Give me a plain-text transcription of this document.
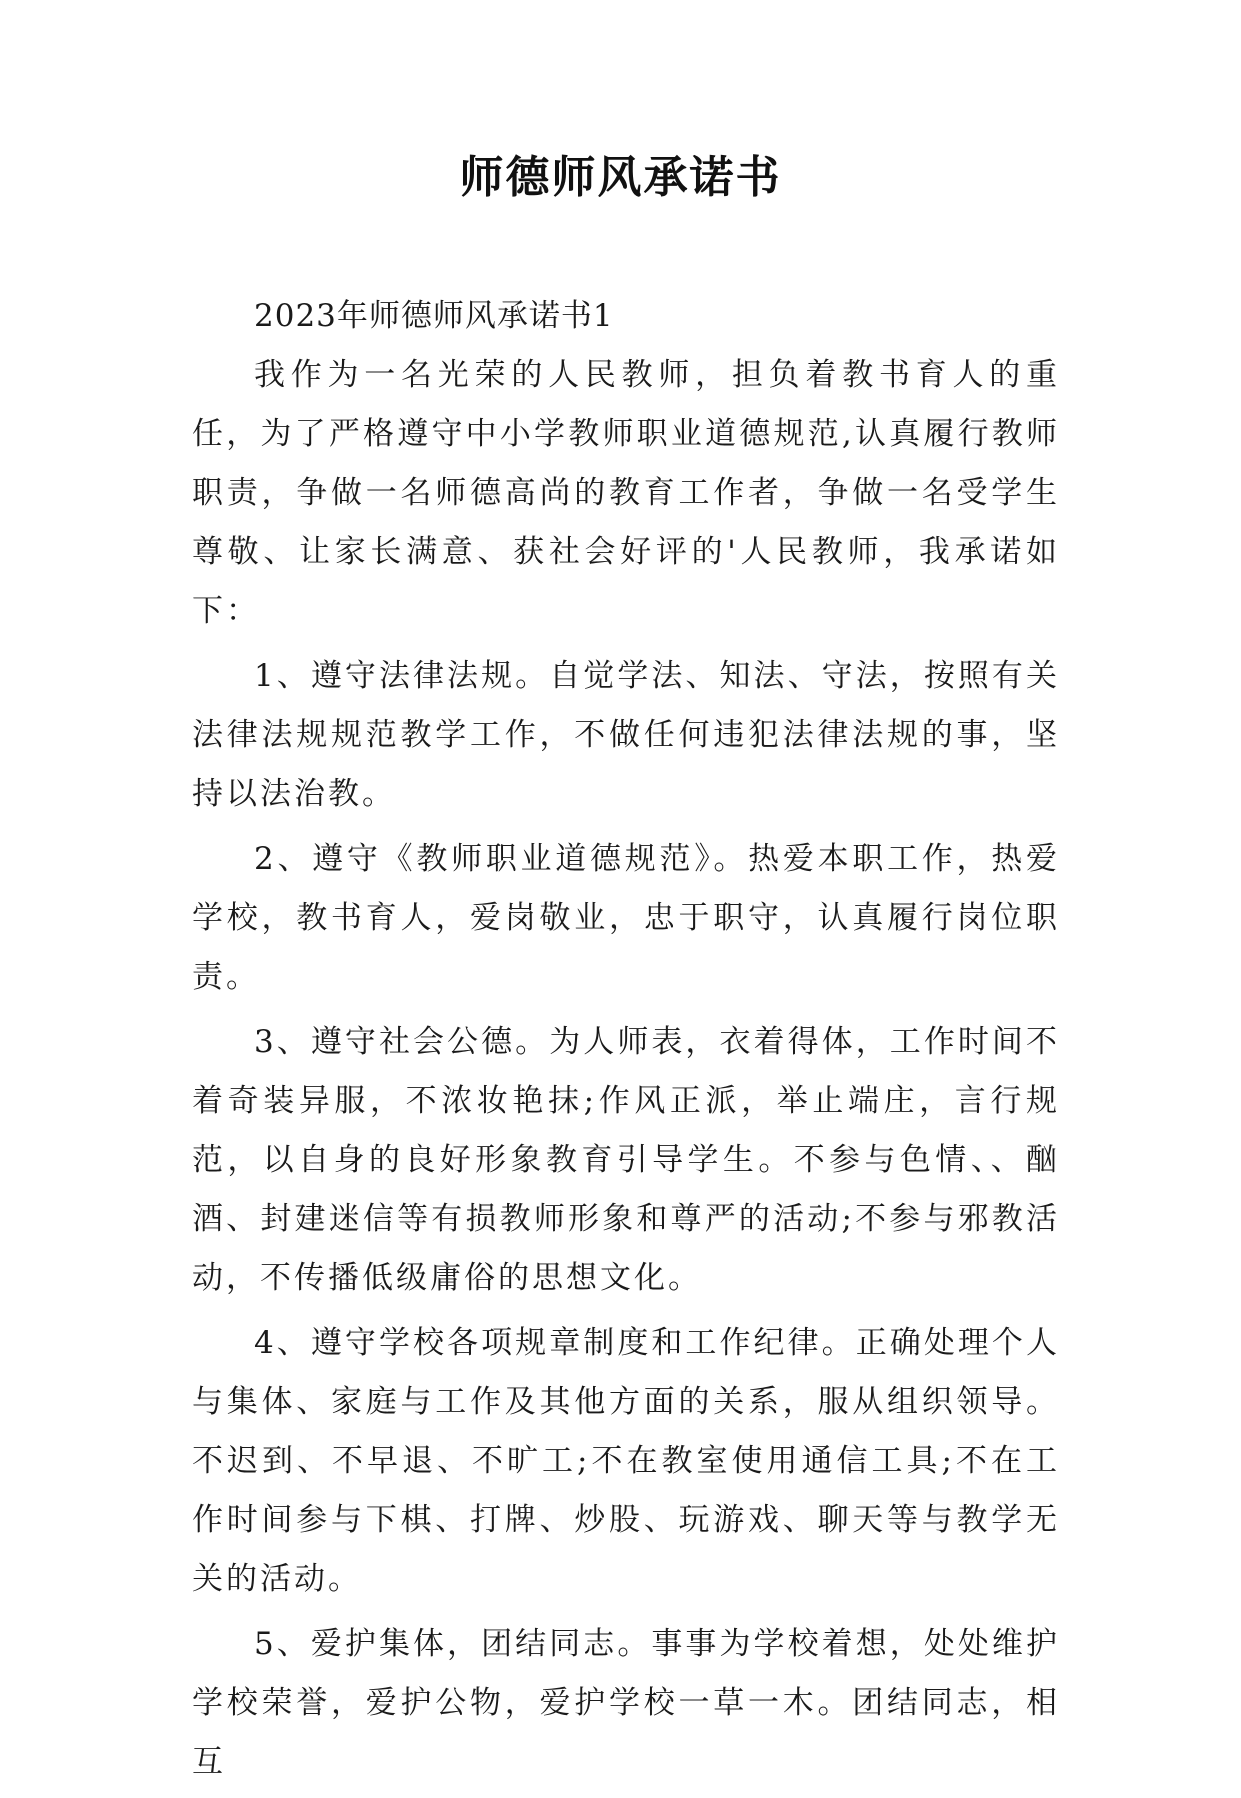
师德师风承诺书

2023年师德师风承诺书1

我作为一名光荣的人民教师，担负着教书育人的重任，为了严格遵守中小学教师职业道德规范,认真履行教师职责，争做一名师德高尚的教育工作者，争做一名受学生尊敬、让家长满意、获社会好评的'人民教师，我承诺如下：

1、遵守法律法规。自觉学法、知法、守法，按照有关法律法规规范教学工作，不做任何违犯法律法规的事，坚持以法治教。

2、遵守《教师职业道德规范》。热爱本职工作，热爱学校，教书育人，爱岗敬业，忠于职守，认真履行岗位职责。

3、遵守社会公德。为人师表，衣着得体，工作时间不着奇装异服，不浓妆艳抹;作风正派，举止端庄，言行规范，以自身的良好形象教育引导学生。不参与色情、、酗酒、封建迷信等有损教师形象和尊严的活动;不参与邪教活动，不传播低级庸俗的思想文化。

4、遵守学校各项规章制度和工作纪律。正确处理个人与集体、家庭与工作及其他方面的关系，服从组织领导。不迟到、不早退、不旷工;不在教室使用通信工具;不在工作时间参与下棋、打牌、炒股、玩游戏、聊天等与教学无关的活动。

5、爱护集体，团结同志。事事为学校着想，处处维护学校荣誉，爱护公物，爱护学校一草一木。团结同志，相互
